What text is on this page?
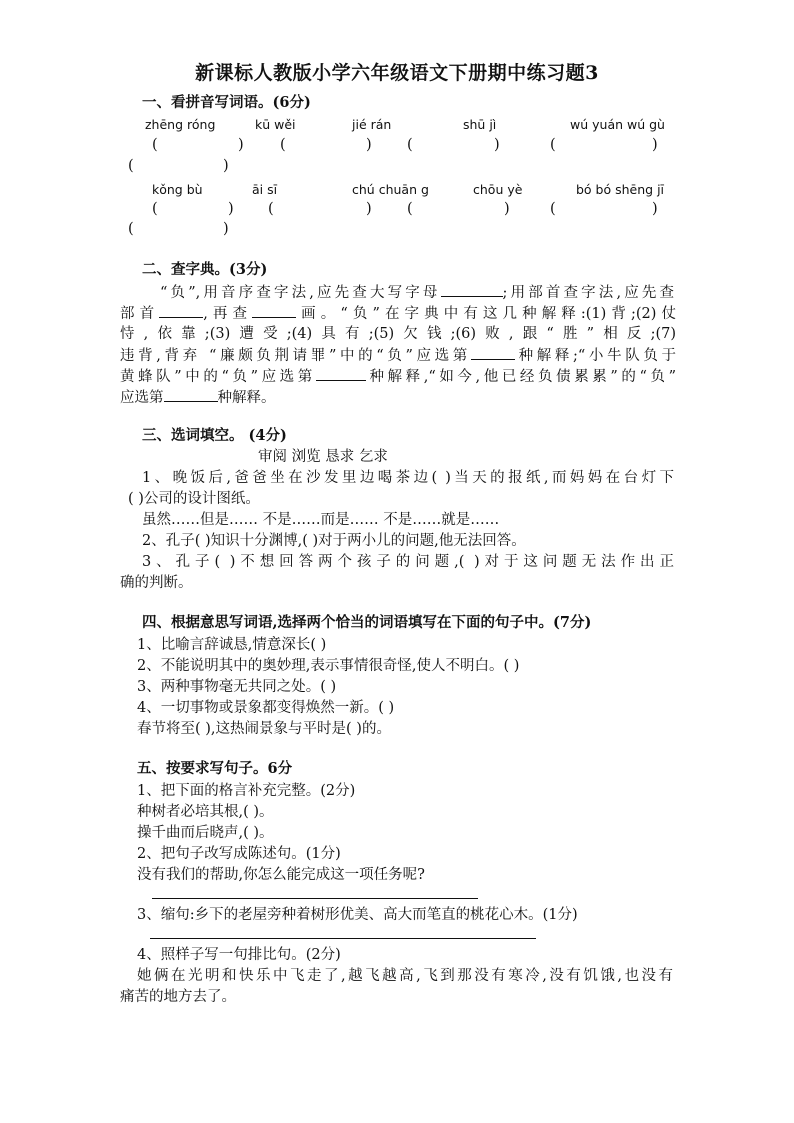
新课标人教版小学六年级语文下册期中练习题3
一、看拼音写词语。(6分)
zhēng róng	kū wěi	jié rán	shū jì	wú yuán wú gù
(	)	(	) (	)	(	)
(	)
kǒng bù	āi sī	chú chuān g	chōu yè	bó bó shēng jī
(	) (	) (	)	(	)
(	)
二、查字典。(3分)
“负”,用音序查字法,应先查大写字母	;用部首查字法,应先查
部首	,再查	画。“负”在字典中有这几种解释:(1)背;(2)仗
恃,依靠;(3)遭受;(4)具有;(5)欠钱;(6)败,跟“胜”相反;(7)
违背,背弃 “廉颇负荆请罪”中的“负”应选第	种解释;“小牛队负于
黄蜂队”中的“负”应选第	种解释,“如今,他已经负债累累”的“负”
应选第	种解释。
三、选词填空。 (4分)
审阅 浏览 恳求 乞求
1、晚饭后,爸爸坐在沙发里边喝茶边( )当天的报纸,而妈妈在台灯下
( )公司的设计图纸。
虽然……但是…… 不是……而是…… 不是……就是……
2、孔子( )知识十分渊博,( )对于两小儿的问题,他无法回答。
3、孔子( )不想回答两个孩子的问题,( )对于这问题无法作出正
确的判断。
四、根据意思写词语,选择两个恰当的词语填写在下面的句子中。(7分)
1、比喻言辞诚恳,情意深长( )
2、不能说明其中的奥妙理,表示事情很奇怪,使人不明白。( )
3、两种事物毫无共同之处。( )
4、一切事物或景象都变得焕然一新。( )
春节将至( ),这热闹景象与平时是( )的。
五、按要求写句子。6分
1、把下面的格言补充完整。(2分)
种树者必培其根,( )。
操千曲而后晓声,( )。
2、把句子改写成陈述句。(1分)
没有我们的帮助,你怎么能完成这一项任务呢?
3、缩句:乡下的老屋旁种着树形优美、高大而笔直的桃花心木。(1分)
4、照样子写一句排比句。(2分)
她俩在光明和快乐中飞走了,越飞越高,飞到那没有寒冷,没有饥饿,也没有
痛苦的地方去了。
